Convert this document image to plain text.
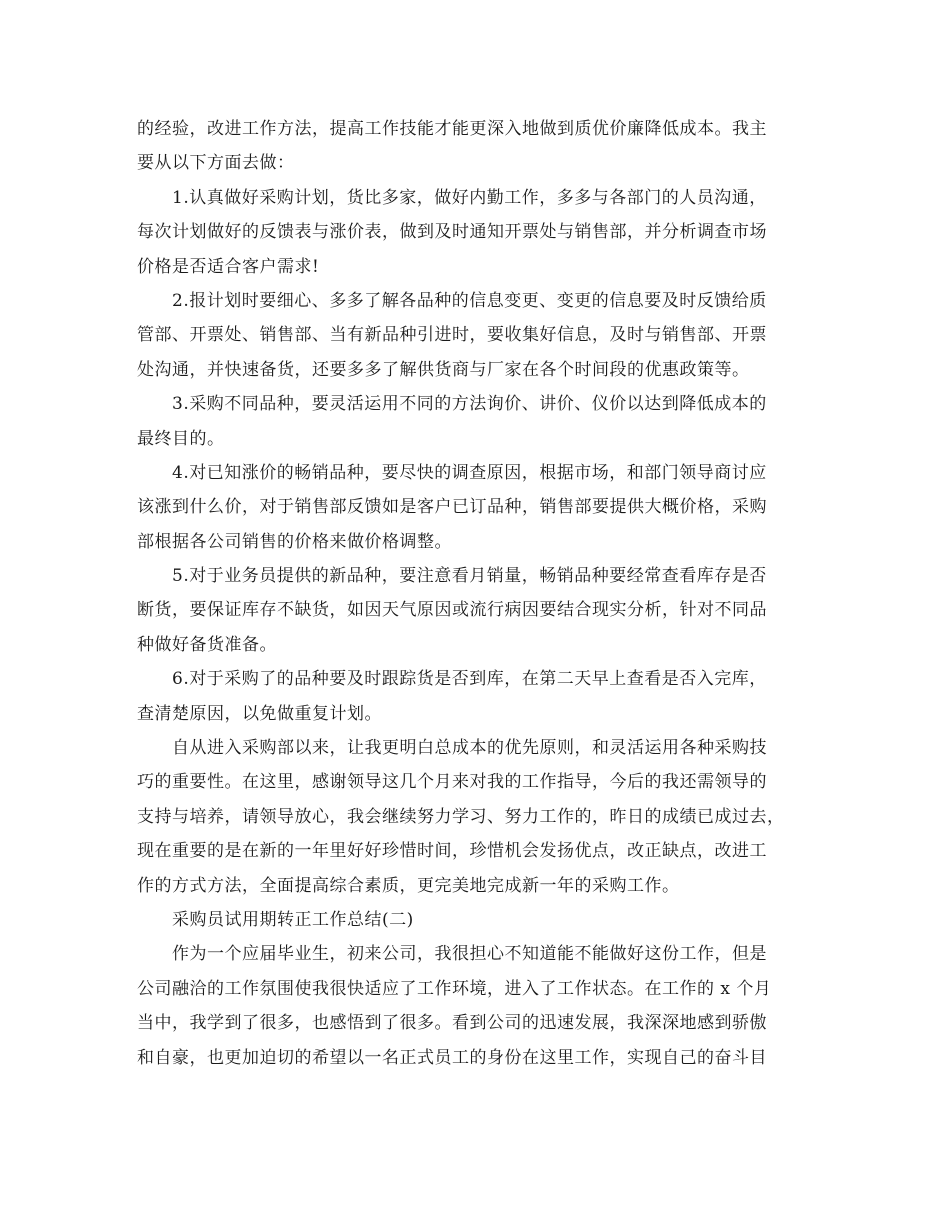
的经验，改进工作方法，提高工作技能才能更深入地做到质优价廉降低成本。我主
要从以下方面去做：
1.认真做好采购计划，货比多家，做好内勤工作，多多与各部门的人员沟通，
每次计划做好的反馈表与涨价表，做到及时通知开票处与销售部，并分析调查市场
价格是否适合客户需求!
2.报计划时要细心、多多了解各品种的信息变更、变更的信息要及时反馈给质
管部、开票处、销售部、当有新品种引进时，要收集好信息，及时与销售部、开票
处沟通，并快速备货，还要多多了解供货商与厂家在各个时间段的优惠政策等。
3.采购不同品种，要灵活运用不同的方法询价、讲价、仪价以达到降低成本的
最终目的。
4.对已知涨价的畅销品种，要尽快的调查原因，根据市场，和部门领导商讨应
该涨到什么价，对于销售部反馈如是客户已订品种，销售部要提供大概价格，采购
部根据各公司销售的价格来做价格调整。
5.对于业务员提供的新品种，要注意看月销量，畅销品种要经常查看库存是否
断货，要保证库存不缺货，如因天气原因或流行病因要结合现实分析，针对不同品
种做好备货准备。
6.对于采购了的品种要及时跟踪货是否到库，在第二天早上查看是否入完库，
查清楚原因，以免做重复计划。
自从进入采购部以来，让我更明白总成本的优先原则，和灵活运用各种采购技
巧的重要性。在这里，感谢领导这几个月来对我的工作指导，今后的我还需领导的
支持与培养，请领导放心，我会继续努力学习、努力工作的，昨日的成绩已成过去，
现在重要的是在新的一年里好好珍惜时间，珍惜机会发扬优点，改正缺点，改进工
作的方式方法，全面提高综合素质，更完美地完成新一年的采购工作。
采购员试用期转正工作总结(二)
作为一个应届毕业生，初来公司，我很担心不知道能不能做好这份工作，但是
公司融洽的工作氛围使我很快适应了工作环境，进入了工作状态。在工作的 x 个月
当中，我学到了很多，也感悟到了很多。看到公司的迅速发展，我深深地感到骄傲
和自豪，也更加迫切的希望以一名正式员工的身份在这里工作，实现自己的奋斗目
